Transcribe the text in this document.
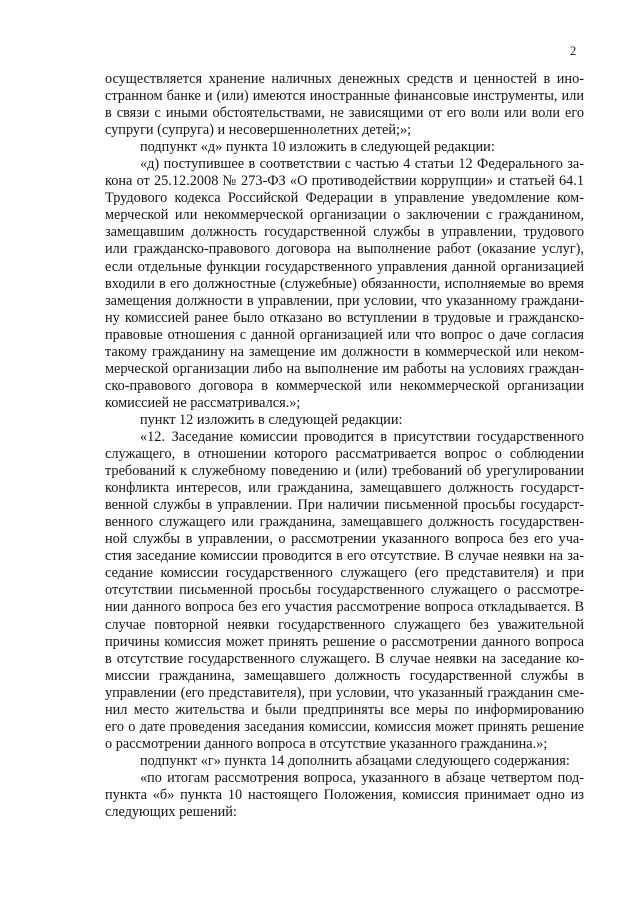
2
осуществляется хранение наличных денежных средств и ценностей в ино-
странном банке и (или) имеются иностранные финансовые инструменты, или
в связи с иными обстоятельствами, не зависящими от его воли или воли его
супруги (супруга) и несовершеннолетних детей;»;
подпункт «д» пункта 10 изложить в следующей редакции:
«д) поступившее в соответствии с частью 4 статьи 12 Федерального за-
кона от 25.12.2008 № 273-ФЗ «О противодействии коррупции» и статьей 64.1
Трудового кодекса Российской Федерации в управление уведомление ком-
мерческой или некоммерческой организации о заключении с гражданином,
замещавшим должность государственной службы в управлении, трудового
или гражданско-правового договора на выполнение работ (оказание услуг),
если отдельные функции государственного управления данной организацией
входили в его должностные (служебные) обязанности, исполняемые во время
замещения должности в управлении, при условии, что указанному граждани-
ну комиссией ранее было отказано во вступлении в трудовые и гражданско-
правовые отношения с данной организацией или что вопрос о даче согласия
такому гражданину на замещение им должности в коммерческой или неком-
мерческой организации либо на выполнение им работы на условиях граждан-
ско-правового договора в коммерческой или некоммерческой организации
комиссией не рассматривался.»;
пункт 12 изложить в следующей редакции:
«12. Заседание комиссии проводится в присутствии государственного
служащего, в отношении которого рассматривается вопрос о соблюдении
требований к служебному поведению и (или) требований об урегулировании
конфликта интересов, или гражданина, замещавшего должность государст-
венной службы в управлении. При наличии письменной просьбы государст-
венного служащего или гражданина, замещавшего должность государствен-
ной службы в управлении, о рассмотрении указанного вопроса без его уча-
стия заседание комиссии проводится в его отсутствие. В случае неявки на за-
седание комиссии государственного служащего (его представителя) и при
отсутствии письменной просьбы государственного служащего о рассмотре-
нии данного вопроса без его участия рассмотрение вопроса откладывается. В
случае повторной неявки государственного служащего без уважительной
причины комиссия может принять решение о рассмотрении данного вопроса
в отсутствие государственного служащего. В случае неявки на заседание ко-
миссии гражданина, замещавшего должность государственной службы в
управлении (его представителя), при условии, что указанный гражданин сме-
нил место жительства и были предприняты все меры по информированию
его о дате проведения заседания комиссии, комиссия может принять решение
о рассмотрении данного вопроса в отсутствие указанного гражданина.»;
подпункт «г» пункта 14 дополнить абзацами следующего содержания:
«по итогам рассмотрения вопроса, указанного в абзаце четвертом под-
пункта «б» пункта 10 настоящего Положения, комиссия принимает одно из
следующих решений:
